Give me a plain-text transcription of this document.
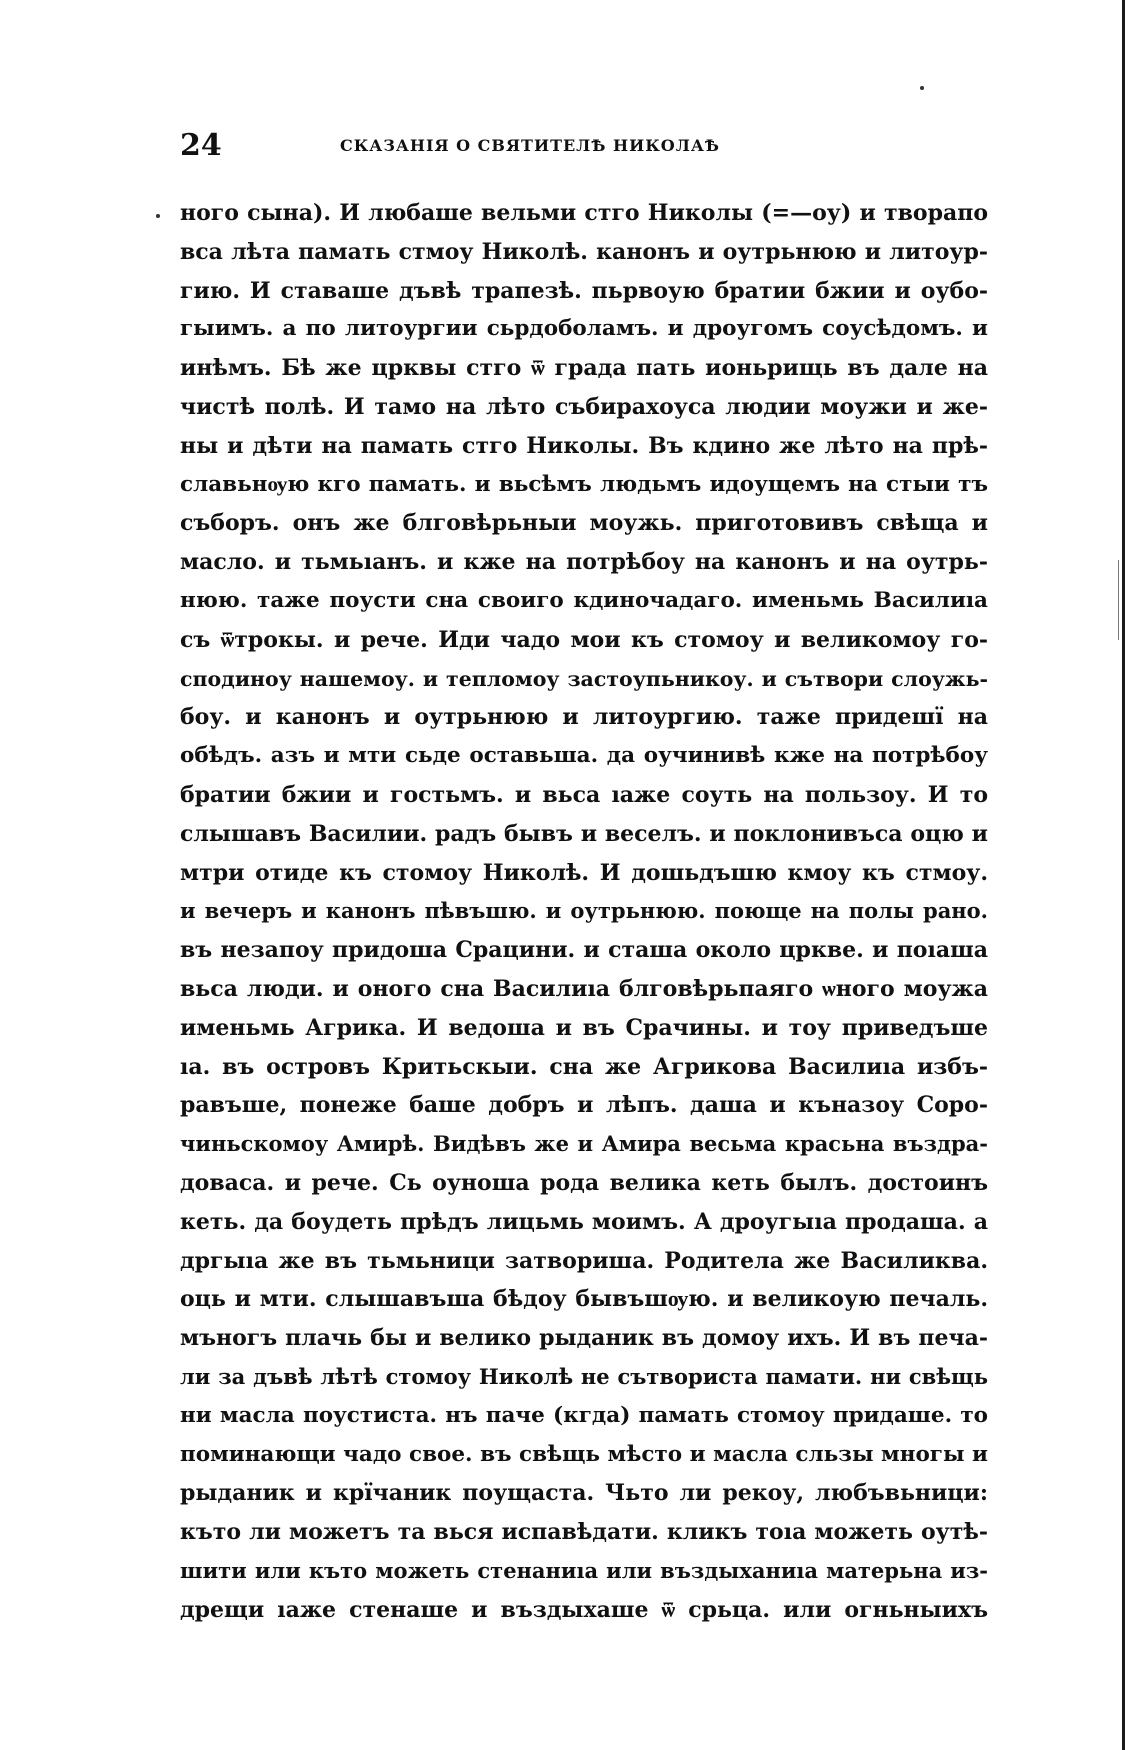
24	СКАЗАНІЯ О СВЯТИТЕЛѢ НИКОЛАѢ
ного сына). И любаше вельми стго Николы (=—оу) и творапо
вса лѣта памать стмоу Николѣ. канонъ и оутрьнюю и литоур-
гию. И ставаше дъвѣ трапезѣ. пьрвоую братии бжии и оубо-
гыимъ. а по литоургии сьрдоболамъ. и дроугомъ соусѣдомъ. и
инѣмъ. Бѣ же црквы стго ѿ града пать ионьрищь въ дале на
чистѣ полѣ. И тамо на лѣто събирахоуса людии моужи и же-
ны и дѣти на памать стго Николы. Въ кдино же лѣто на прѣ-
славьнѹю кго памать. и вьсѣмъ людьмъ идоущемъ на стыи тъ
съборъ. онъ же блговѣрьныи моужь. приготовивъ свѣща и
масло. и тьмьıанъ. и кже на потрѣбоу на канонъ и на оутрь-
нюю. таже поусти сна своиго кдиночадаго. именьмь Василиıа
съ ѿтрокы. и рече. Иди чадо мои къ стомоу и великомоу го-
сподиноу нашемоу. и тепломоу застоупьникоу. и сътвори слоужь-
боу. и канонъ и оутрьнюю и литоургию. таже придешї на
обѣдъ. азъ и мти сьде оставьша. да оучинивѣ кже на потрѣбоу
братии бжии и гостьмъ. и вьса ıаже соуть на пользоу. И то
слышавъ Василии. радъ бывъ и веселъ. и поклонивъса оцю и
мтри отиде къ стомоу Николѣ. И дошьдъшю кмоу къ стмоу.
и вечеръ и канонъ пѣвъшю. и оутрьнюю. поюще на полы рано.
въ незапоу придоша Срацини. и сташа около цркве. и поıаша
вьса люди. и оного сна Василиıа блговѣрьпаяго ѡного моужа
именьмь Агрика. И ведоша и въ Срачины. и тоу приведъше
ıа. въ островъ Критьскыи. сна же Агрикова Василиıа избъ-
равъше, понеже баше добръ и лѣпъ. даша и къназоу Соро-
чиньскомоу Амирѣ. Видѣвъ же и Амира весьма красьна въздра-
доваса. и рече. Сь оуноша рода велика кеть былъ. достоинъ
кеть. да боудеть прѣдъ лицьмь моимъ. А дроугыıа продаша. а
дргыıа же въ тьмьници затвориша. Родитела же Василиква.
оць и мти. слышавъша бѣдоу бывъшѹю. и великоую печаль.
мъногъ плачь бы и велико рыданик въ домоу ихъ. И въ печа-
ли за дъвѣ лѣтѣ стомоу Николѣ не сътвориста памати. ни свѣщь
ни масла поустиста. нъ паче (кгда) памать стомоу придаше. то
поминающи чадо свое. въ свѣщь мѣсто и масла сльзы многы и
рыданик и крїчаник поущаста. Чьто ли рекоу, любъвьници:
къто ли можетъ та вься испавѣдати. кликъ тоıа можеть оутѣ-
шити или къто можеть стенаниıа или въздыханиıа матерьна из-
дрещи ıаже стенаше и въздыхаше ѿ срьца. или огньныихъ
